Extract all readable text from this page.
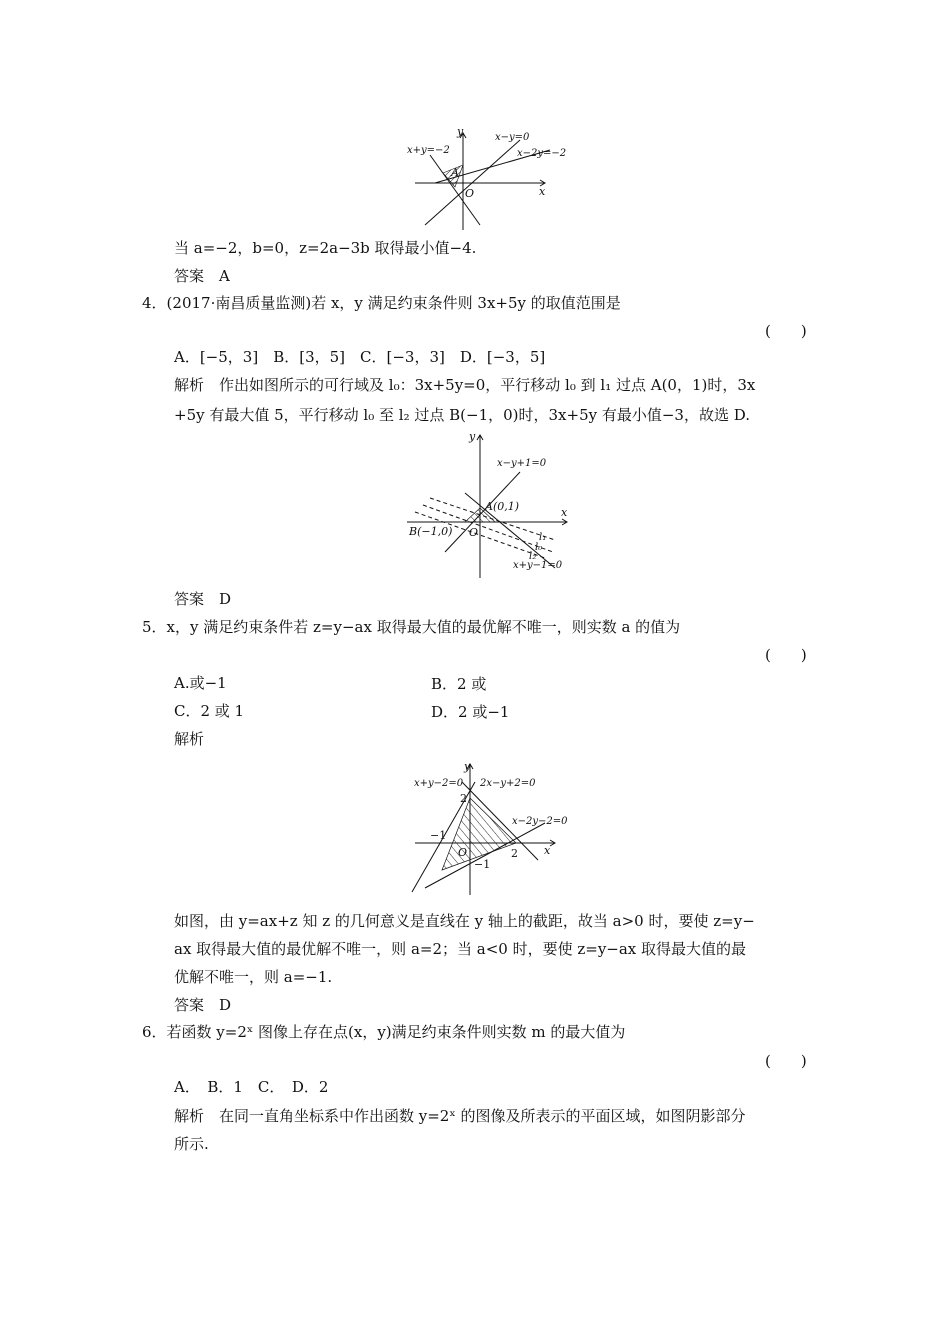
y
x
O
A
x+y=−2
x−y=0
x−2y=−2
当 a=−2，b=0，z=2a−3b 取得最小值−4.
答案　A
4．(2017·南昌质量监测)若 x，y 满足约束条件则 3x+5y 的取值范围是
(　　)
A．[−5，3]　B．[3，5]　C．[−3，3]　D．[−3，5]
解析　作出如图所示的可行域及 l₀：3x+5y=0，平行移动 l₀ 到 l₁ 过点 A(0，1)时，3x
+5y 有最大值 5，平行移动 l₀ 至 l₂ 过点 B(−1，0)时，3x+5y 有最小值−3，故选 D.
y
x
O
A(0,1)
B(−1,0)
x−y+1=0
x+y−1=0
l₁
l₀
l₂
答案　D
5．x，y 满足约束条件若 z=y−ax 取得最大值的最优解不唯一，则实数 a 的值为
(　　)
A.或−1	B．2 或
C．2 或 1	D．2 或−1
解析
y
x
O
x+y−2=0 2x−y+2=0
x−2y−2=0
2
2
−1
−1
如图，由 y=ax+z 知 z 的几何意义是直线在 y 轴上的截距，故当 a>0 时，要使 z=y−
ax 取得最大值的最优解不唯一，则 a=2；当 a<0 时，要使 z=y−ax 取得最大值的最
优解不唯一，则 a=−1.
答案　D
6．若函数 y=2ˣ 图像上存在点(x，y)满足约束条件则实数 m 的最大值为
(　　)
A．　B．1　C．　D．2
解析　在同一直角坐标系中作出函数 y=2ˣ 的图像及所表示的平面区域，如图阴影部分
所示.
